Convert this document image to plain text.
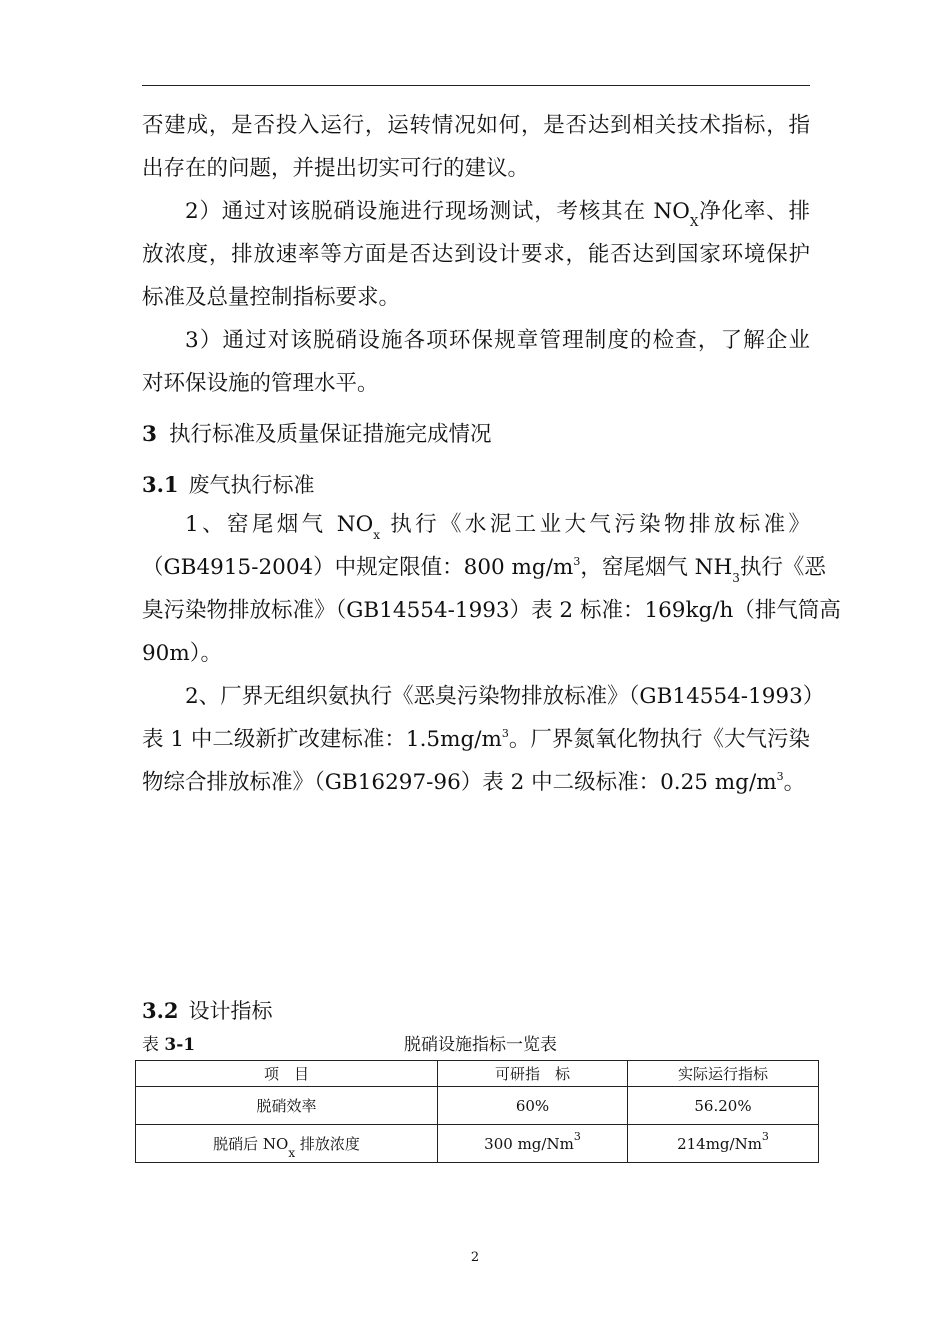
否建成，是否投入运行，运转情况如何，是否达到相关技术指标，指
出存在的问题，并提出切实可行的建议。
2）通过对该脱硝设施进行现场测试，考核其在 $NO_X$净化率、排
放浓度，排放速率等方面是否达到设计要求，能否达到国家环境保护
标准及总量控制指标要求。
3）通过对该脱硝设施各项环保规章管理制度的检查，了解企业
对环保设施的管理水平。
3 执行标准及质量保证措施完成情况
3.1 废气执行标准
1、窑尾烟气 $NO_x$ 执行《水泥工业大气污染物排放标准》
（GB4915-2004）中规定限值：800 $mg/m^3$，窑尾烟气 $NH_3$执行《恶
臭污染物排放标准》（GB14554-1993）表 2 标准：169kg/h（排气筒高
90m）。
2、厂界无组织氨执行《恶臭污染物排放标准》（GB14554-1993）
表 1 中二级新扩改建标准：$1.5mg/m^3$。厂界氮氧化物执行《大气污染
物综合排放标准》（GB16297-96）表 2 中二级标准：0.25 $mg/m^3$。
3.2 设计指标
表 3-1	脱硝设施指标一览表
项　目	可研指　标	实际运行指标
脱硝效率	60%	56.20%
脱硝后 $NO_x$ 排放浓度	300 mg/Nm$^3$	214mg/Nm$^3$
2
